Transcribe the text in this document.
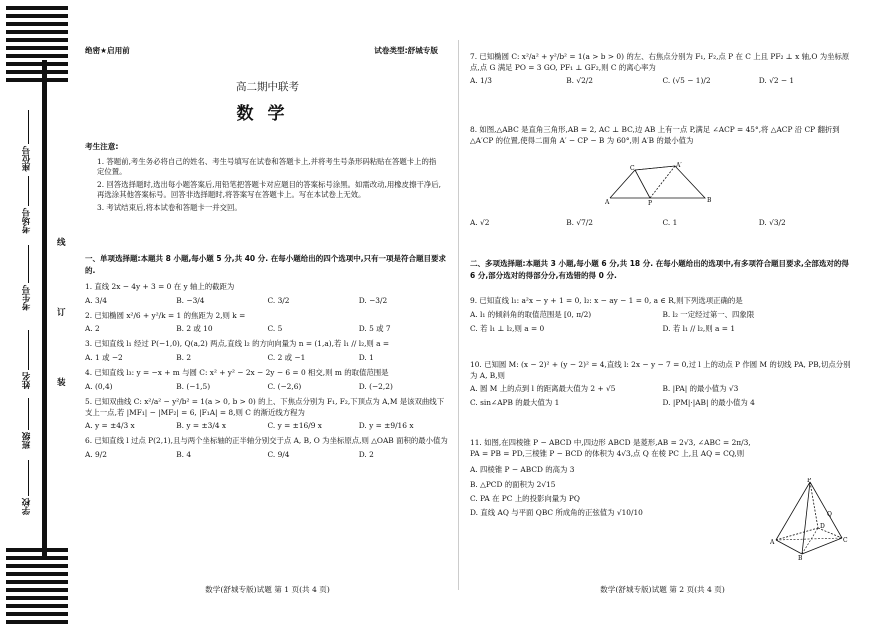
座位号
考场号
考生号
姓名
班级
学校
线
订
装
绝密★启用前	试卷类型:舒城专版
高二期中联考
数学
考生注意:

1. 答题前,考生务必将自己的姓名、考生号填写在试卷和答题卡上,并将考生号条形码粘贴在答题卡上的指定位置。

2. 回答选择题时,选出每小题答案后,用铅笔把答题卡对应题目的答案标号涂黑。如需改动,用橡皮擦干净后,再选涂其他答案标号。回答非选择题时,将答案写在答题卡上。写在本试卷上无效。

3. 考试结束后,将本试卷和答题卡一并交回。

一、单项选择题:本题共 8 小题,每小题 5 分,共 40 分. 在每小题给出的四个选项中,只有一项是符合题目要求的.
1. 直线 2x − 4y + 3 = 0 在 y 轴上的截距为
A. 3/4	B. −3/4	C. 3/2	D. −3/2
2. 已知椭圆 x²/6 + y²/k = 1 的焦距为 2,则 k =
A. 2	B. 2 或 10	C. 5	D. 5 或 7
3. 已知直线 l₁ 经过 P(−1,0), Q(a,2) 两点,直线 l₂ 的方向向量为 n = (1,a),若 l₁ // l₂,则 a =
A. 1 或 −2	B. 2	C. 2 或 −1	D. 1
4. 已知直线 l₃: y = −x + m 与圆 C: x² + y² − 2x − 2y − 6 = 0 相交,则 m 的取值范围是
A. (0,4)	B. (−1,5)	C. (−2,6)	D. (−2,2)
5. 已知双曲线 C: x²/a² − y²/b² = 1(a > 0, b > 0) 的上、下焦点分别为 F₁, F₂,下顶点为 A,M 是该双曲线下支上一点,若 |MF₁| − |MF₂| = 6, |F₁A| = 8,则 C 的渐近线方程为
A. y = ±4/3 x	B. y = ±3/4 x	C. y = ±16/9 x	D. y = ±9/16 x
6. 已知直线 l 过点 P(2,1),且与两个坐标轴的正半轴分别交于点 A, B, O 为坐标原点,则 △OAB 面积的最小值为
A. 9/2	B. 4	C. 9/4	D. 2
数学(舒城专版)试题 第 1 页(共 4 页)
7. 已知椭圆 C: x²/a² + y²/b² = 1(a > b > 0) 的左、右焦点分别为 F₁, F₂,点 P 在 C 上且 PF₂ ⊥ x 轴,O 为坐标原点,点 G 满足 PO = 3 GO, PF₁ ⊥ GF₂,则 C 的离心率为
A. 1/3	B. √2/2	C. (√5 − 1)/2	D. √2 − 1
8. 如图,△ABC 是直角三角形,AB = 2, AC ⊥ BC,边 AB 上有一点 P,满足 ∠ACP = 45°,将 △ACP 沿 CP 翻折到 △A′CP 的位置,使得二面角 A′ − CP − B 为 60°,则 A′B 的最小值为
A
C	A′
P	B
A. √2	B. √7/2	C. 1	D. √3/2
二、多项选择题:本题共 3 小题,每小题 6 分,共 18 分. 在每小题给出的选项中,有多项符合题目要求,全部选对的得 6 分,部分选对的得部分分,有选错的得 0 分.
9. 已知直线 l₁: a²x − y + 1 = 0, l₂: x − ay − 1 = 0, a ∈ R,则下列选项正确的是
A. l₁ 的倾斜角的取值范围是 [0, π/2)	B. l₂ 一定经过第一、四象限
C. 若 l₁ ⊥ l₂,则 a = 0	D. 若 l₁ // l₂,则 a = 1
10. 已知圆 M: (x − 2)² + (y − 2)² = 4,直线 l: 2x − y − 7 = 0,过 l 上的动点 P 作圆 M 的切线 PA, PB,切点分别为 A, B,则
A. 圆 M 上的点到 l 的距离最大值为 2 + √5	B. |PA| 的最小值为 √3
C. sin∠APB 的最大值为 1	D. |PM|·|AB| 的最小值为 4
11. 如图,在四棱锥 P − ABCD 中,四边形 ABCD 是菱形,AB = 2√3, ∠ABC = 2π/3, PA = PB = PD,三棱锥 P − BCD 的体积为 4√3,点 Q 在棱 PC 上,且 AQ = CQ,则
A. 四棱锥 P − ABCD 的高为 3
B. △PCD 的面积为 2√15
C. PA 在 PC 上的投影向量为 PQ
D. 直线 AQ 与平面 QBC 所成角的正弦值为 √10/10
P
A
B
C
D
Q
数学(舒城专版)试题 第 2 页(共 4 页)
